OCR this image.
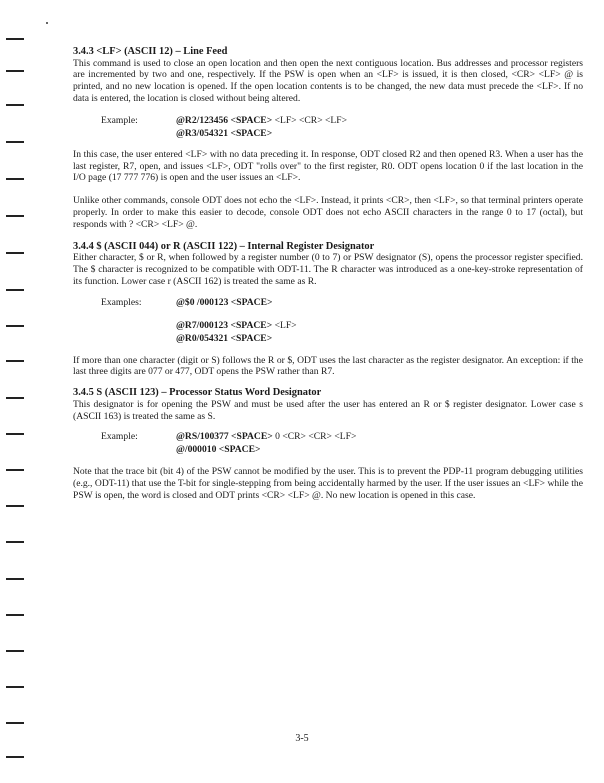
3.4.3 <LF> (ASCII 12) – Line Feed

This command is used to close an open location and then open the next contiguous location. Bus addresses and processor registers are incremented by two and one, respectively. If the PSW is open when an <LF> is issued, it is then closed, <CR> <LF> @ is printed, and no new location is opened. If the open location contents is to be changed, the new data must precede the <LF>. If no data is entered, the location is closed without being altered.

Example:	@R2/123456 <SPACE> <LF> <CR> <LF>
@R3/054321 <SPACE>

In this case, the user entered <LF> with no data preceding it. In response, ODT closed R2 and then opened R3. When a user has the last register, R7, open, and issues <LF>, ODT "rolls over" to the first register, R0. ODT opens location 0 if the last location in the I/O page (17 777 776) is open and the user issues an <LF>.

Unlike other commands, console ODT does not echo the <LF>. Instead, it prints <CR>, then <LF>, so that terminal printers operate properly. In order to make this easier to decode, console ODT does not echo ASCII characters in the range 0 to 17 (octal), but responds with ? <CR> <LF> @.

3.4.4 $ (ASCII 044) or R (ASCII 122) – Internal Register Designator

Either character, $ or R, when followed by a register number (0 to 7) or PSW designator (S), opens the processor register specified. The $ character is recognized to be compatible with ODT-11. The R character was introduced as a one-key-stroke representation of its function. Lower case r (ASCII 162) is treated the same as R.

Examples:	@$0 /000123 <SPACE>
@R7/000123 <SPACE> <LF>
@R0/054321 <SPACE>

If more than one character (digit or S) follows the R or $, ODT uses the last character as the register designator. An exception: if the last three digits are 077 or 477, ODT opens the PSW rather than R7.

3.4.5 S (ASCII 123) – Processor Status Word Designator

This designator is for opening the PSW and must be used after the user has entered an R or $ register designator. Lower case s (ASCII 163) is treated the same as S.

Example:	@RS/100377 <SPACE> 0 <CR> <CR> <LF>
@/000010 <SPACE>

Note that the trace bit (bit 4) of the PSW cannot be modified by the user. This is to prevent the PDP-11 program debugging utilities (e.g., ODT-11) that use the T-bit for single-stepping from being accidentally harmed by the user. If the user issues an <LF> while the PSW is open, the word is closed and ODT prints <CR> <LF> @. No new location is opened in this case.

3-5
